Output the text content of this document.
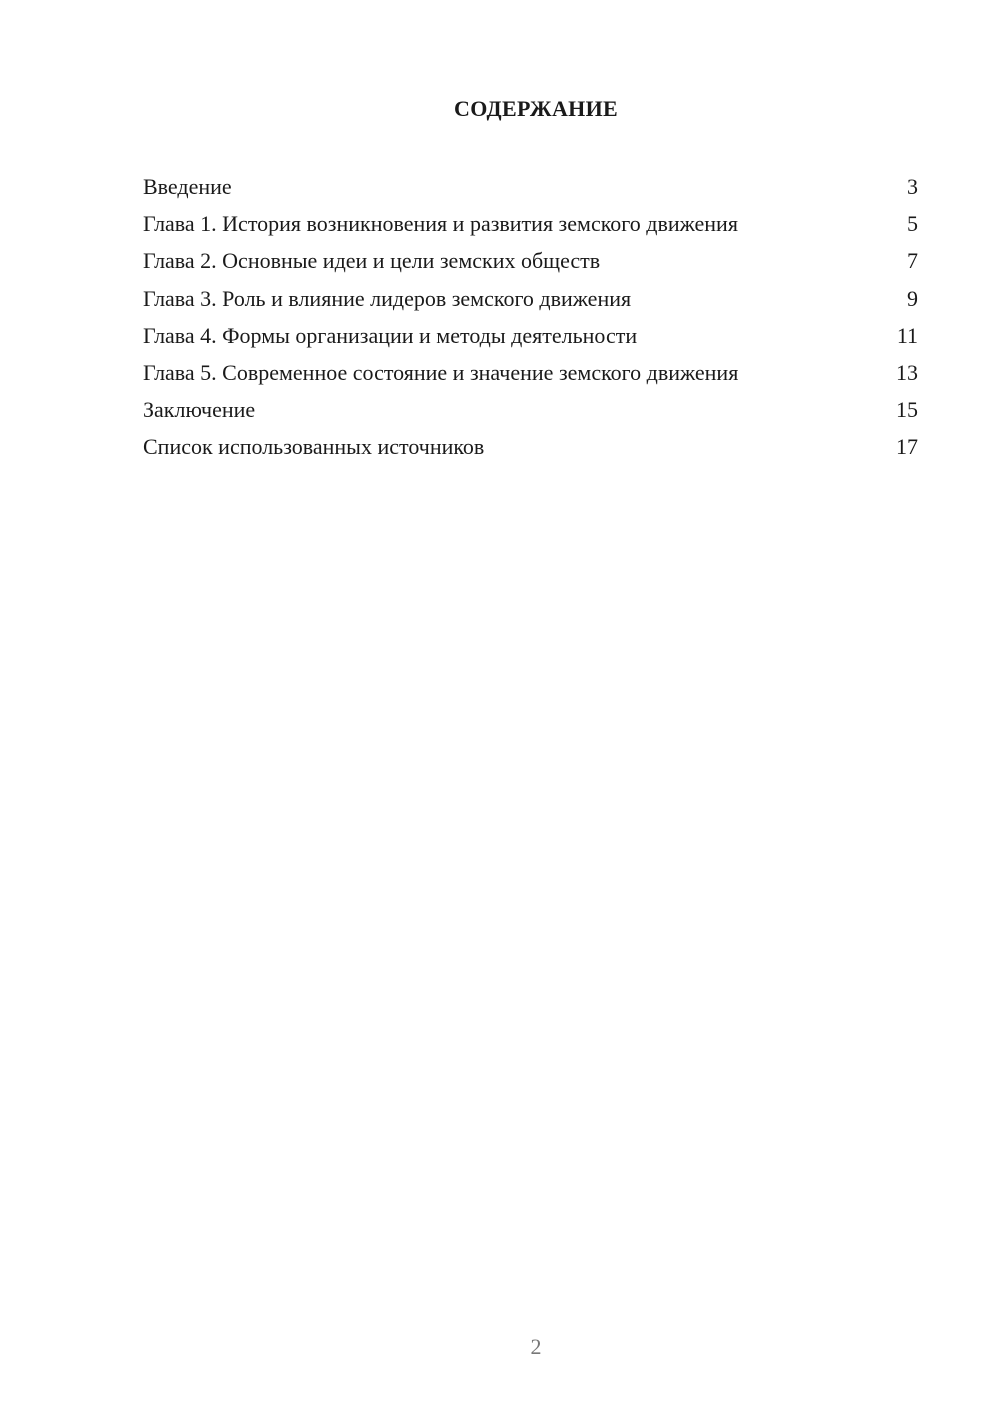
СОДЕРЖАНИЕ
Введение	3
Глава 1. История возникновения и развития земского движения	5
Глава 2. Основные идеи и цели земских обществ	7
Глава 3. Роль и влияние лидеров земского движения	9
Глава 4. Формы организации и методы деятельности	11
Глава 5. Современное состояние и значение земского движения	13
Заключение	15
Список использованных источников	17
2
